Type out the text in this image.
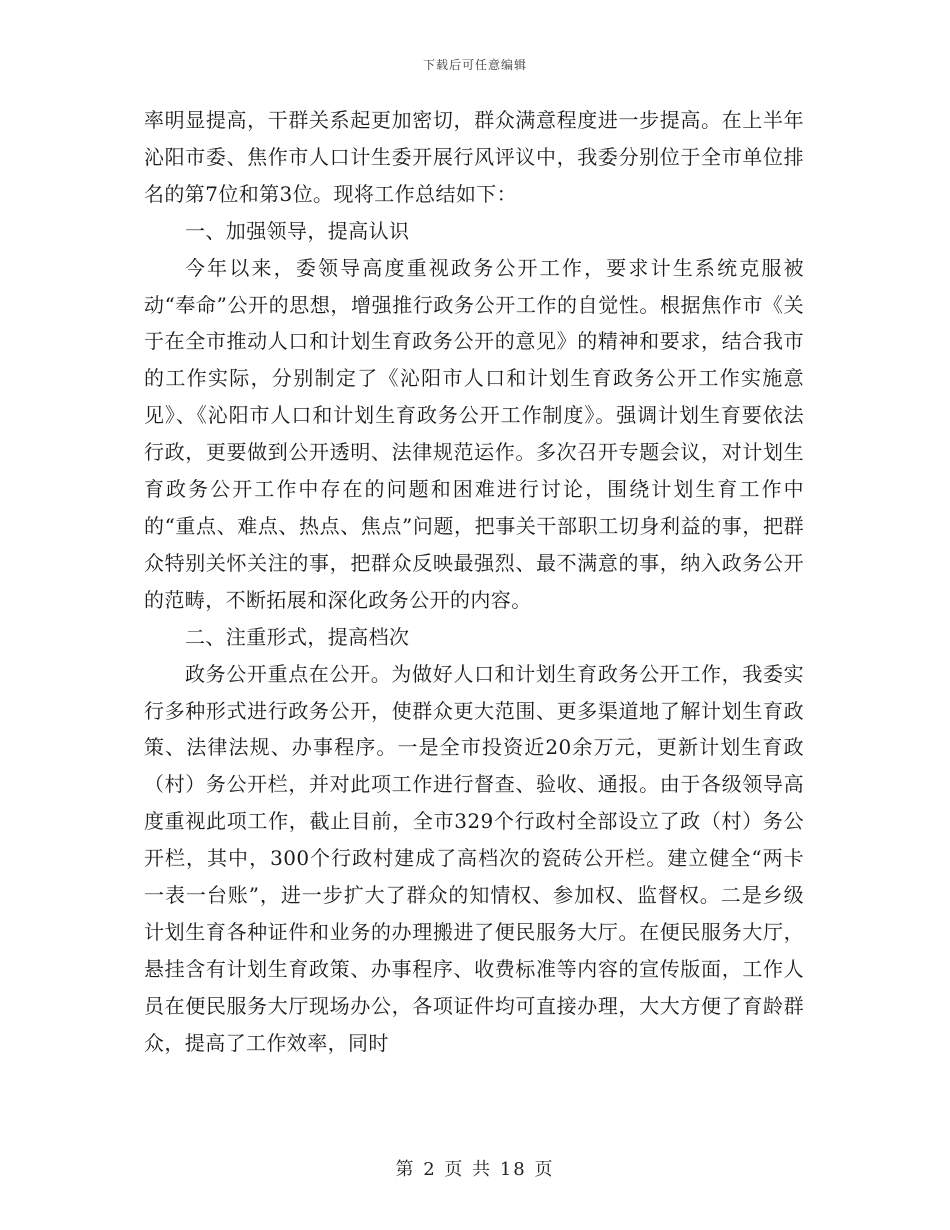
下载后可任意编辑

率明显提高，干群关系起更加密切，群众满意程度进一步提高。在上半年沁阳市委、焦作市人口计生委开展行风评议中，我委分别位于全市单位排名的第7位和第3位。现将工作总结如下：

一、加强领导，提高认识

今年以来，委领导高度重视政务公开工作，要求计生系统克服被动“奉命”公开的思想，增强推行政务公开工作的自觉性。根据焦作市《关于在全市推动人口和计划生育政务公开的意见》的精神和要求，结合我市的工作实际，分别制定了《沁阳市人口和计划生育政务公开工作实施意见》、《沁阳市人口和计划生育政务公开工作制度》。强调计划生育要依法行政，更要做到公开透明、法律规范运作。多次召开专题会议，对计划生育政务公开工作中存在的问题和困难进行讨论，围绕计划生育工作中的“重点、难点、热点、焦点”问题，把事关干部职工切身利益的事，把群众特别关怀关注的事，把群众反映最强烈、最不满意的事，纳入政务公开的范畴，不断拓展和深化政务公开的内容。

二、注重形式，提高档次

政务公开重点在公开。为做好人口和计划生育政务公开工作，我委实行多种形式进行政务公开，使群众更大范围、更多渠道地了解计划生育政策、法律法规、办事程序。一是全市投资近20余万元，更新计划生育政（村）务公开栏，并对此项工作进行督查、验收、通报。由于各级领导高度重视此项工作，截止目前，全市329个行政村全部设立了政（村）务公开栏，其中，300个行政村建成了高档次的瓷砖公开栏。建立健全“两卡一表一台账”，进一步扩大了群众的知情权、参加权、监督权。二是乡级计划生育各种证件和业务的办理搬进了便民服务大厅。在便民服务大厅，悬挂含有计划生育政策、办事程序、收费标准等内容的宣传版面，工作人员在便民服务大厅现场办公，各项证件均可直接办理，大大方便了育龄群众，提高了工作效率，同时

第 2 页 共 18 页
